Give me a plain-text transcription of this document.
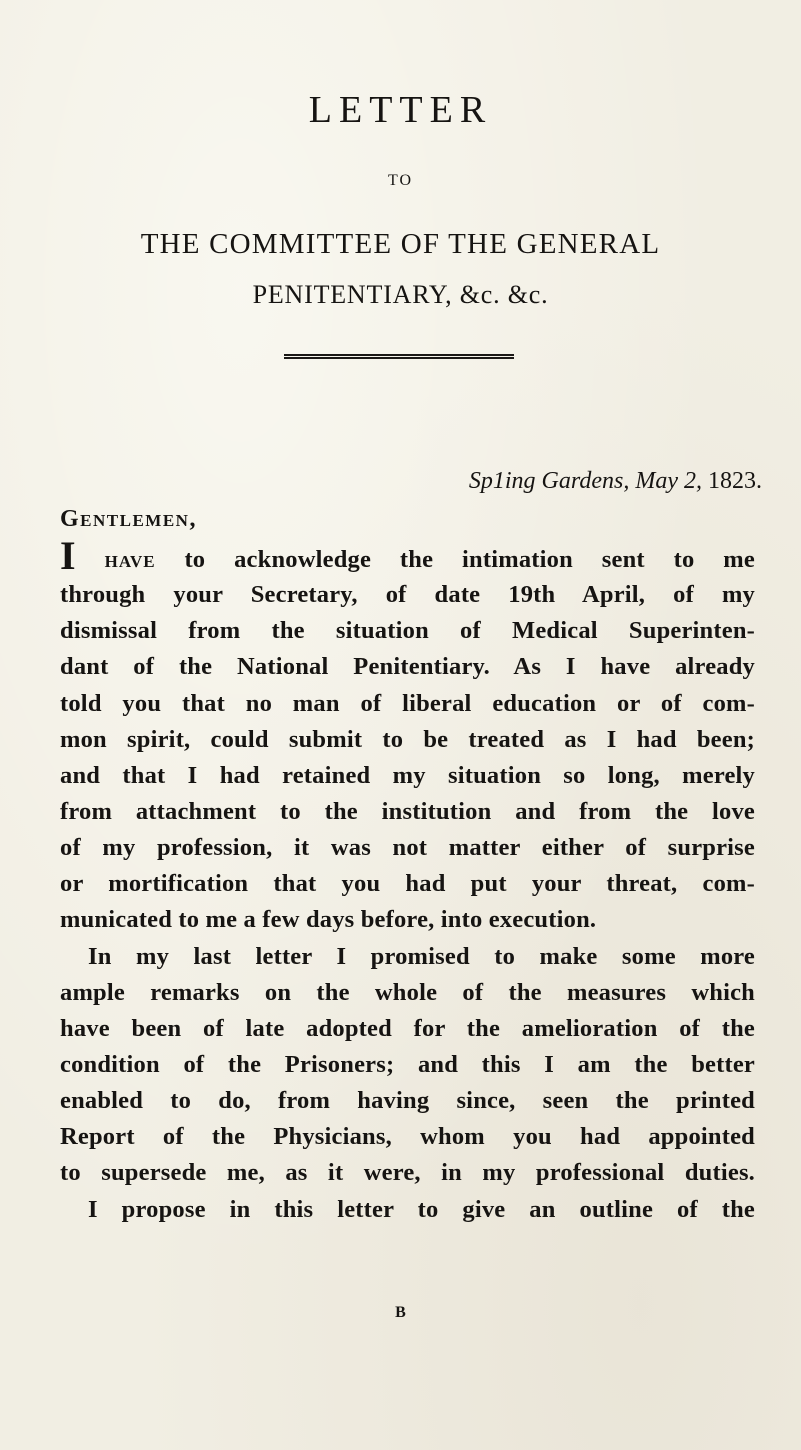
LETTER
TO
THE COMMITTEE OF THE GENERAL
PENITENTIARY, &c. &c.
Sp1ing Gardens, May 2, 1823.
Gentlemen,
I have to acknowledge the intimation sent to me
through your Secretary, of date 19th April, of my
dismissal from the situation of Medical Superinten-
dant of the National Penitentiary. As I have already
told you that no man of liberal education or of com-
mon spirit, could submit to be treated as I had been;
and that I had retained my situation so long, merely
from attachment to the institution and from the love
of my profession, it was not matter either of surprise
or mortification that you had put your threat, com-
municated to me a few days before, into execution.
In my last letter I promised to make some more
ample remarks on the whole of the measures which
have been of late adopted for the amelioration of the
condition of the Prisoners; and this I am the better
enabled to do, from having since, seen the printed
Report of the Physicians, whom you had appointed
to supersede me, as it were, in my professional duties.
I propose in this letter to give an outline of the
B
